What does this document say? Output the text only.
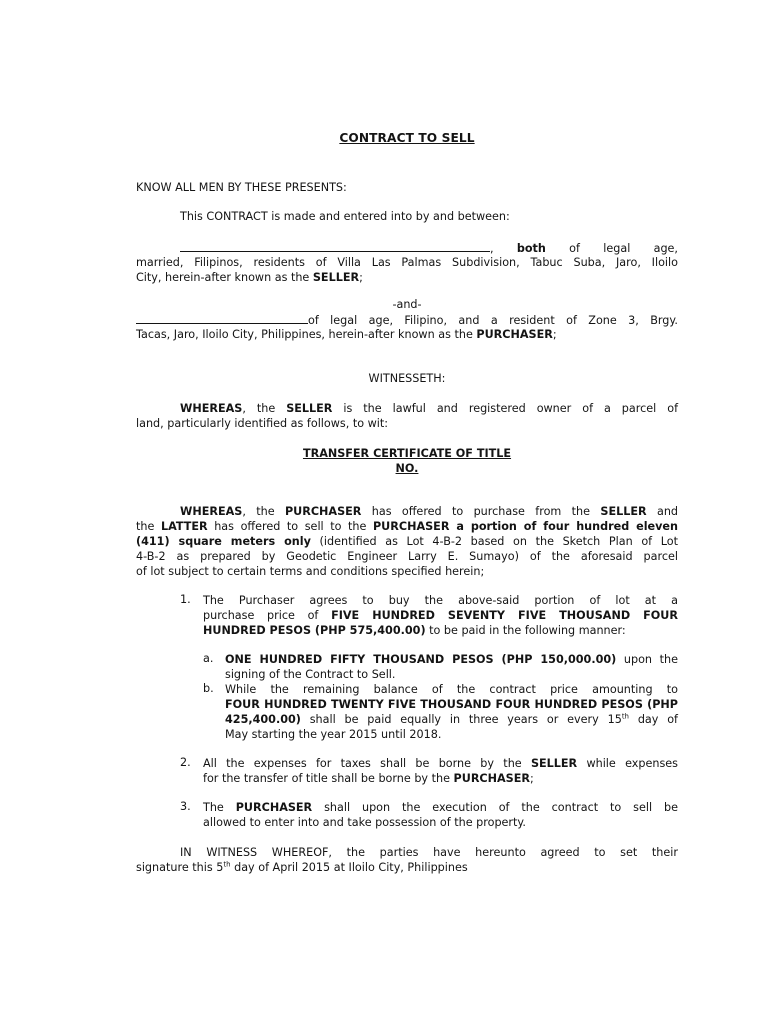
CONTRACT TO SELL
KNOW ALL MEN BY THESE PRESENTS:
This CONTRACT is made and entered into by and between:
, both of legal age,
married, Filipinos, residents of Villa Las Palmas Subdivision, Tabuc Suba, Jaro, Iloilo
City, herein-after known as the SELLER;
-and-
of legal age, Filipino, and a resident of Zone 3, Brgy.
Tacas, Jaro, Iloilo City, Philippines, herein-after known as the PURCHASER;
WITNESSETH:
WHEREAS, the SELLER is the lawful and registered owner of a parcel of
land, particularly identified as follows, to wit:
TRANSFER CERTIFICATE OF TITLE
NO.
WHEREAS, the PURCHASER has offered to purchase from the SELLER and
the LATTER has offered to sell to the PURCHASER a portion of four hundred eleven
(411) square meters only (identified as Lot 4-B-2 based on the Sketch Plan of Lot
4-B-2 as prepared by Geodetic Engineer Larry E. Sumayo) of the aforesaid parcel
of lot subject to certain terms and conditions specified herein;
1.	The Purchaser agrees to buy the above-said portion of lot at a
purchase price of FIVE HUNDRED SEVENTY FIVE THOUSAND FOUR
HUNDRED PESOS (PHP 575,400.00) to be paid in the following manner:
a.	ONE HUNDRED FIFTY THOUSAND PESOS (PHP 150,000.00) upon the
signing of the Contract to Sell.
b.	While the remaining balance of the contract price amounting to
FOUR HUNDRED TWENTY FIVE THOUSAND FOUR HUNDRED PESOS (PHP
425,400.00) shall be paid equally in three years or every 15th day of
May starting the year 2015 until 2018.
2.	All the expenses for taxes shall be borne by the SELLER while expenses
for the transfer of title shall be borne by the PURCHASER;
3.	The PURCHASER shall upon the execution of the contract to sell be
allowed to enter into and take possession of the property.
IN WITNESS WHEREOF, the parties have hereunto agreed to set their
signature this 5th day of April 2015 at Iloilo City, Philippines
